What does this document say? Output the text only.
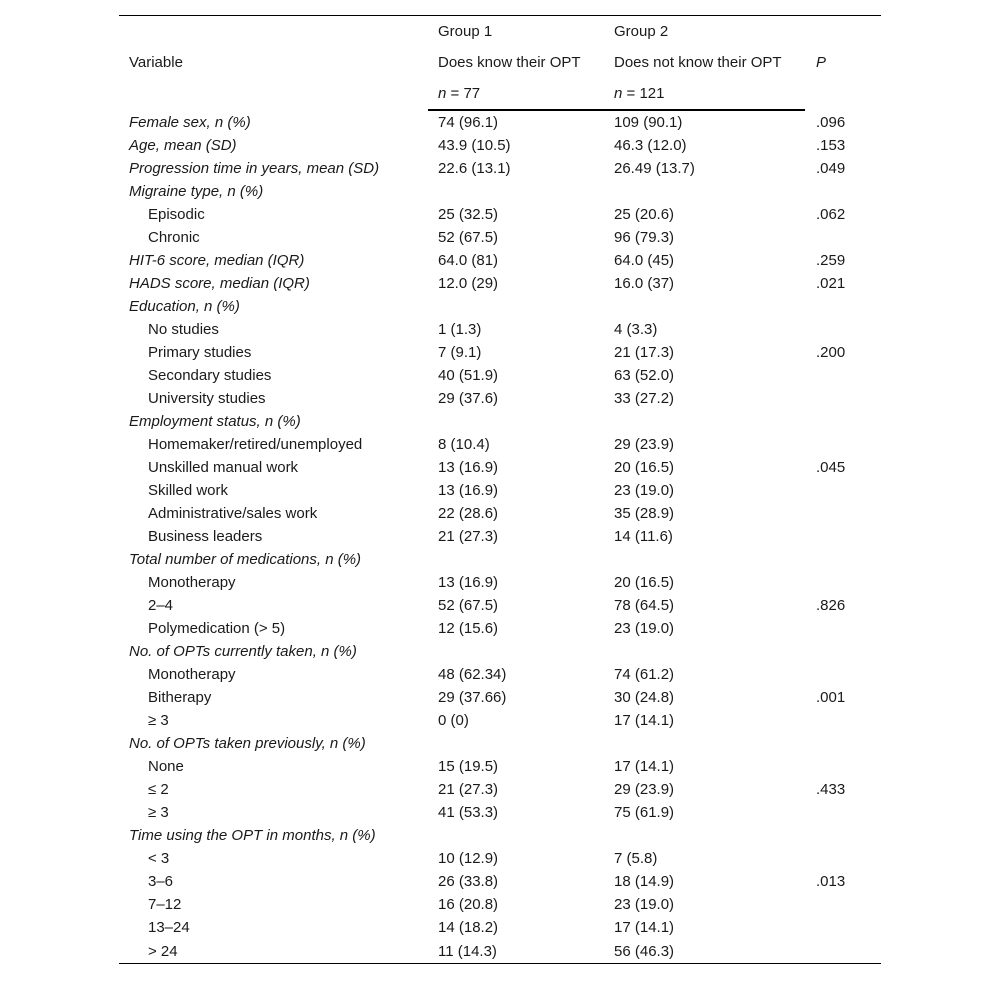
	Group 1	Group 2	
Variable	Does know their OPT	Does not know their OPT	P
	n = 77	n = 121	
Female sex, n (%)	74 (96.1)	109 (90.1)	.096
Age, mean (SD)	43.9 (10.5)	46.3 (12.0)	.153
Progression time in years, mean (SD)	22.6 (13.1)	26.49 (13.7)	.049
Migraine type, n (%)			
Episodic	25 (32.5)	25 (20.6)	.062
Chronic	52 (67.5)	96 (79.3)	
HIT-6 score, median (IQR)	64.0 (81)	64.0 (45)	.259
HADS score, median (IQR)	12.0 (29)	16.0 (37)	.021
Education, n (%)			
No studies	1 (1.3)	4 (3.3)	
Primary studies	7 (9.1)	21 (17.3)	.200
Secondary studies	40 (51.9)	63 (52.0)	
University studies	29 (37.6)	33 (27.2)	
Employment status, n (%)			
Homemaker/retired/unemployed	8 (10.4)	29 (23.9)	
Unskilled manual work	13 (16.9)	20 (16.5)	.045
Skilled work	13 (16.9)	23 (19.0)	
Administrative/sales work	22 (28.6)	35 (28.9)	
Business leaders	21 (27.3)	14 (11.6)	
Total number of medications, n (%)			
Monotherapy	13 (16.9)	20 (16.5)	
2–4	52 (67.5)	78 (64.5)	.826
Polymedication (> 5)	12 (15.6)	23 (19.0)	
No. of OPTs currently taken, n (%)			
Monotherapy	48 (62.34)	74 (61.2)	
Bitherapy	29 (37.66)	30 (24.8)	.001
≥ 3	0 (0)	17 (14.1)	
No. of OPTs taken previously, n (%)			
None	15 (19.5)	17 (14.1)	
≤ 2	21 (27.3)	29 (23.9)	.433
≥ 3	41 (53.3)	75 (61.9)	
Time using the OPT in months, n (%)			
< 3	10 (12.9)	7 (5.8)	
3–6	26 (33.8)	18 (14.9)	.013
7–12	16 (20.8)	23 (19.0)	
13–24	14 (18.2)	17 (14.1)	
> 24	11 (14.3)	56 (46.3)	
